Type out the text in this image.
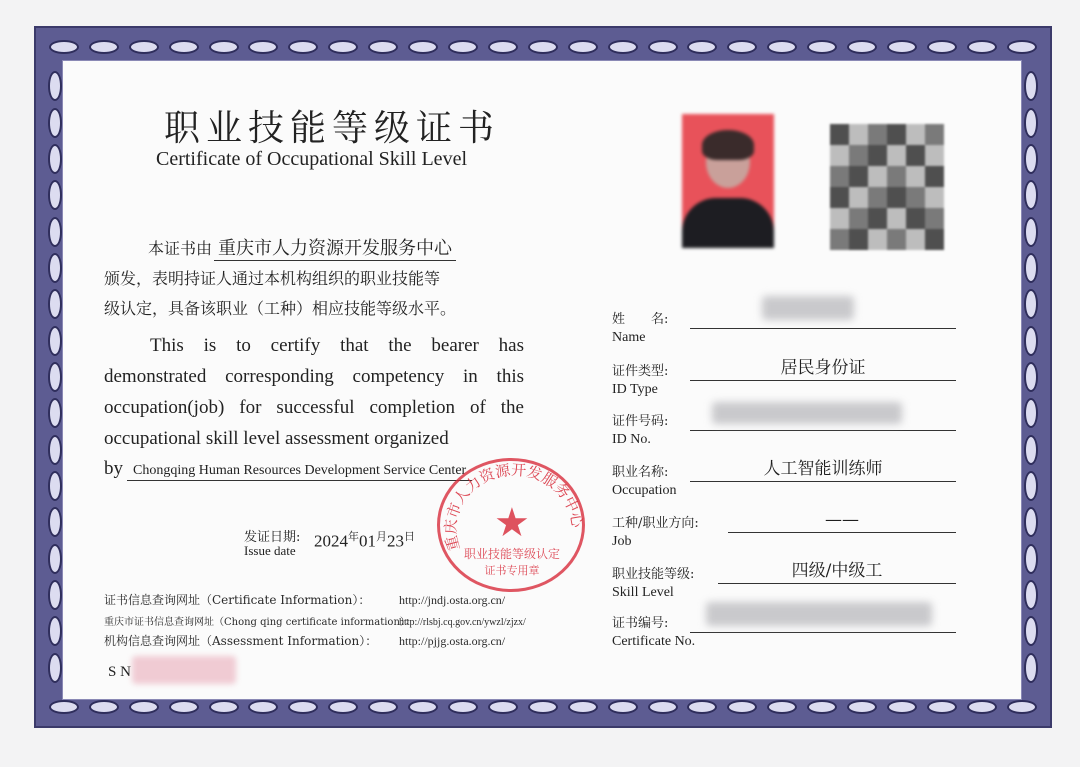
职业技能等级证书
Certificate of Occupational Skill Level
本证书由 重庆市人力资源开发服务中心
颁发，表明持证人通过本机构组织的职业技能等
级认定，具备该职业（工种）相应技能等级水平。
This is to certify that the bearer has demonstrated corresponding competency in this occupation(job) for successful completion of the occupational skill level assessment organized
by Chongqing Human Resources Development Service Center
发证日期:
Issue date $2024^年01^月23^日$
证书信息查询网址（Certificate Information）： http://jndj.osta.org.cn/
重庆市证书信息查询网址（Chong qing certificate information）：http://rlsbj.cq.gov.cn/ywzl/zjzx/
机构信息查询网址（Assessment Information）： http://pjjg.osta.org.cn/
S N
重庆市人力资源开发服务中心
★
职业技能等级认定
证书专用章
姓　　名:
Name
证件类型:
ID Type
居民身份证
证件号码:
ID No.
职业名称:
Occupation
人工智能训练师
工种/职业方向:
Job
——
职业技能等级:
Skill Level
四级/中级工
证书编号:
Certificate No.
